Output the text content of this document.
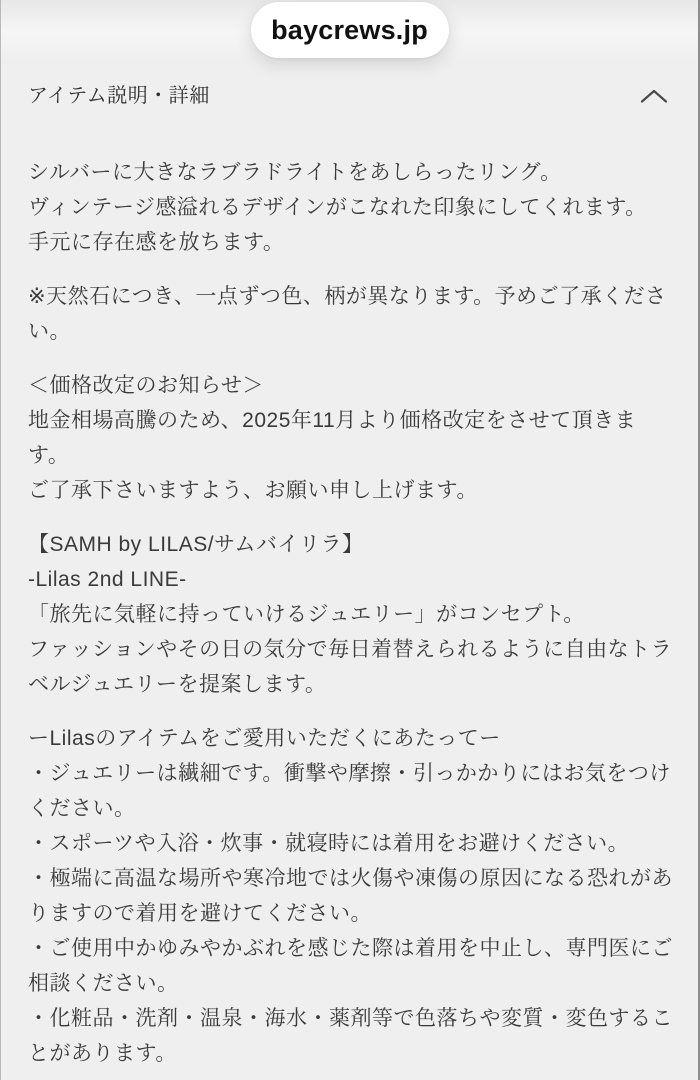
baycrews.jp
アイテム説明・詳細

シルバーに大きなラブラドライトをあしらったリング。
ヴィンテージ感溢れるデザインがこなれた印象にしてくれます。
手元に存在感を放ちます。

※天然石につき、一点ずつ色、柄が異なります。予めご了承くださ
い。

＜価格改定のお知らせ＞
地金相場高騰のため、2025年11月より価格改定をさせて頂きま
す。
ご了承下さいますよう、お願い申し上げます。

【SAMH by LILAS/サムバイリラ】
-Lilas 2nd LINE-
「旅先に気軽に持っていけるジュエリー」がコンセプト。
ファッションやその日の気分で毎日着替えられるように自由なトラ
ベルジュエリーを提案します。

ーLilasのアイテムをご愛用いただくにあたってー
・ジュエリーは繊細です。衝撃や摩擦・引っかかりにはお気をつけ
ください。
・スポーツや入浴・炊事・就寝時には着用をお避けください。
・極端に高温な場所や寒冷地では火傷や凍傷の原因になる恐れがあ
りますので着用を避けてください。
・ご使用中かゆみやかぶれを感じた際は着用を中止し、専門医にご
相談ください。
・化粧品・洗剤・温泉・海水・薬剤等で色落ちや変質・変色するこ
とがあります。
